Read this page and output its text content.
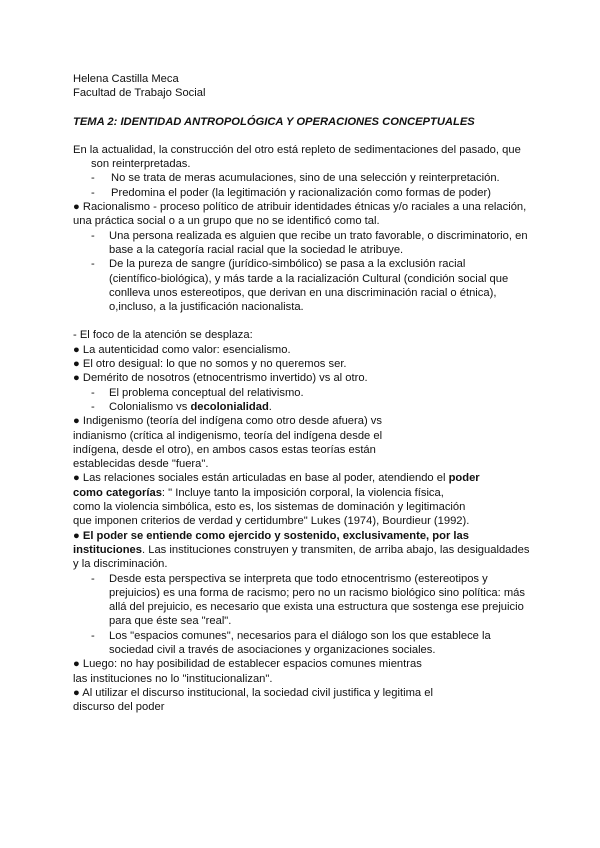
Helena Castilla Meca
Facultad de Trabajo Social
TEMA 2: IDENTIDAD ANTROPOLÓGICA Y OPERACIONES CONCEPTUALES
En la actualidad, la construcción del otro está repleto de sedimentaciones del pasado, que
son reinterpretadas.
- No se trata de meras acumulaciones, sino de una selección y reinterpretación.
- Predomina el poder (la legitimación y racionalización como formas de poder)
● Racionalismo - proceso político de atribuir identidades étnicas y/o raciales a una relación,
una práctica social o a un grupo que no se identificó como tal.
- Una persona realizada es alguien que recibe un trato favorable, o discriminatorio, en
base a la categoría racial racial que la sociedad le atribuye.
- De la pureza de sangre (jurídico-simbólico) se pasa a la exclusión racial
(científico-biológica), y más tarde a la racialización Cultural (condición social que
conlleva unos estereotipos, que derivan en una discriminación racial o étnica),
o,incluso, a la justificación nacionalista.
- El foco de la atención se desplaza:
● La autenticidad como valor: esencialismo.
● El otro desigual: lo que no somos y no queremos ser.
● Demérito de nosotros (etnocentrismo invertido) vs al otro.
- El problema conceptual del relativismo.
- Colonialismo vs decolonialidad.
● Indigenismo (teoría del indígena como otro desde afuera) vs
indianismo (crítica al indigenismo, teoría del indígena desde el
indígena, desde el otro), en ambos casos estas teorías están
establecidas desde "fuera".
● Las relaciones sociales están articuladas en base al poder, atendiendo el poder
como categorías: " Incluye tanto la imposición corporal, la violencia física,
como la violencia simbólica, esto es, los sistemas de dominación y legitimación
que imponen criterios de verdad y certidumbre" Lukes (1974), Bourdieur (1992).
● El poder se entiende como ejercido y sostenido, exclusivamente, por las
instituciones. Las instituciones construyen y transmiten, de arriba abajo, las desigualdades
y la discriminación.
- Desde esta perspectiva se interpreta que todo etnocentrismo (estereotipos y
prejuicios) es una forma de racismo; pero no un racismo biológico sino política: más
allá del prejuicio, es necesario que exista una estructura que sostenga ese prejuicio
para que éste sea "real".
- Los "espacios comunes", necesarios para el diálogo son los que establece la
sociedad civil a través de asociaciones y organizaciones sociales.
● Luego: no hay posibilidad de establecer espacios comunes mientras
las instituciones no lo "institucionalizan".
● Al utilizar el discurso institucional, la sociedad civil justifica y legitima el
discurso del poder
